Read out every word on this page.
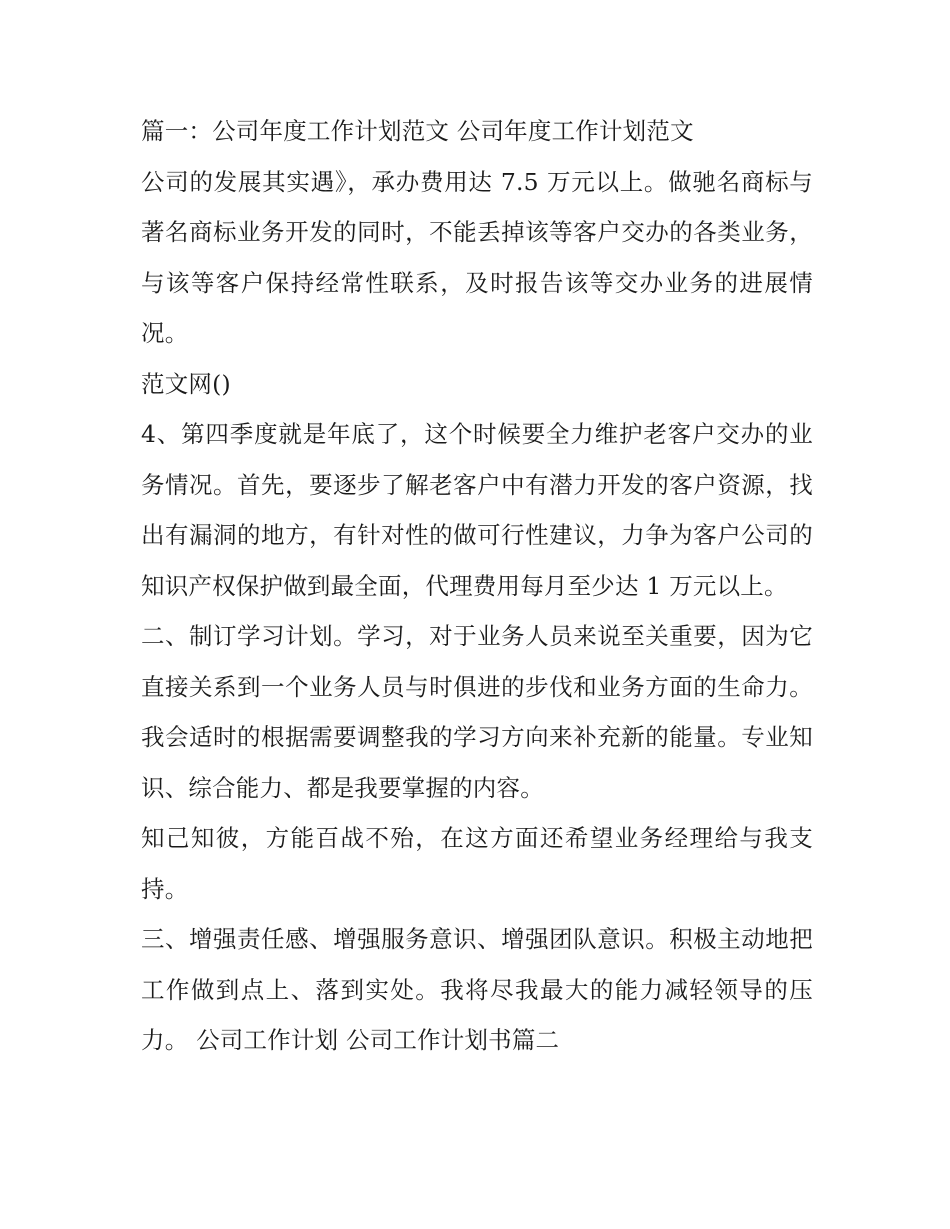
篇一：公司年度工作计划范文 公司年度工作计划范文

公司的发展其实遇》，承办费用达 7.5 万元以上。做驰名商标与著名商标业务开发的同时，不能丢掉该等客户交办的各类业务，与该等客户保持经常性联系，及时报告该等交办业务的进展情况。

范文网()

4、第四季度就是年底了，这个时候要全力维护老客户交办的业务情况。首先，要逐步了解老客户中有潜力开发的客户资源，找出有漏洞的地方，有针对性的做可行性建议，力争为客户公司的知识产权保护做到最全面，代理费用每月至少达 1 万元以上。

二、制订学习计划。学习，对于业务人员来说至关重要，因为它直接关系到一个业务人员与时俱进的步伐和业务方面的生命力。我会适时的根据需要调整我的学习方向来补充新的能量。专业知识、综合能力、都是我要掌握的内容。

知己知彼，方能百战不殆，在这方面还希望业务经理给与我支持。

三、增强责任感、增强服务意识、增强团队意识。积极主动地把工作做到点上、落到实处。我将尽我最大的能力减轻领导的压力。 公司工作计划 公司工作计划书篇二
